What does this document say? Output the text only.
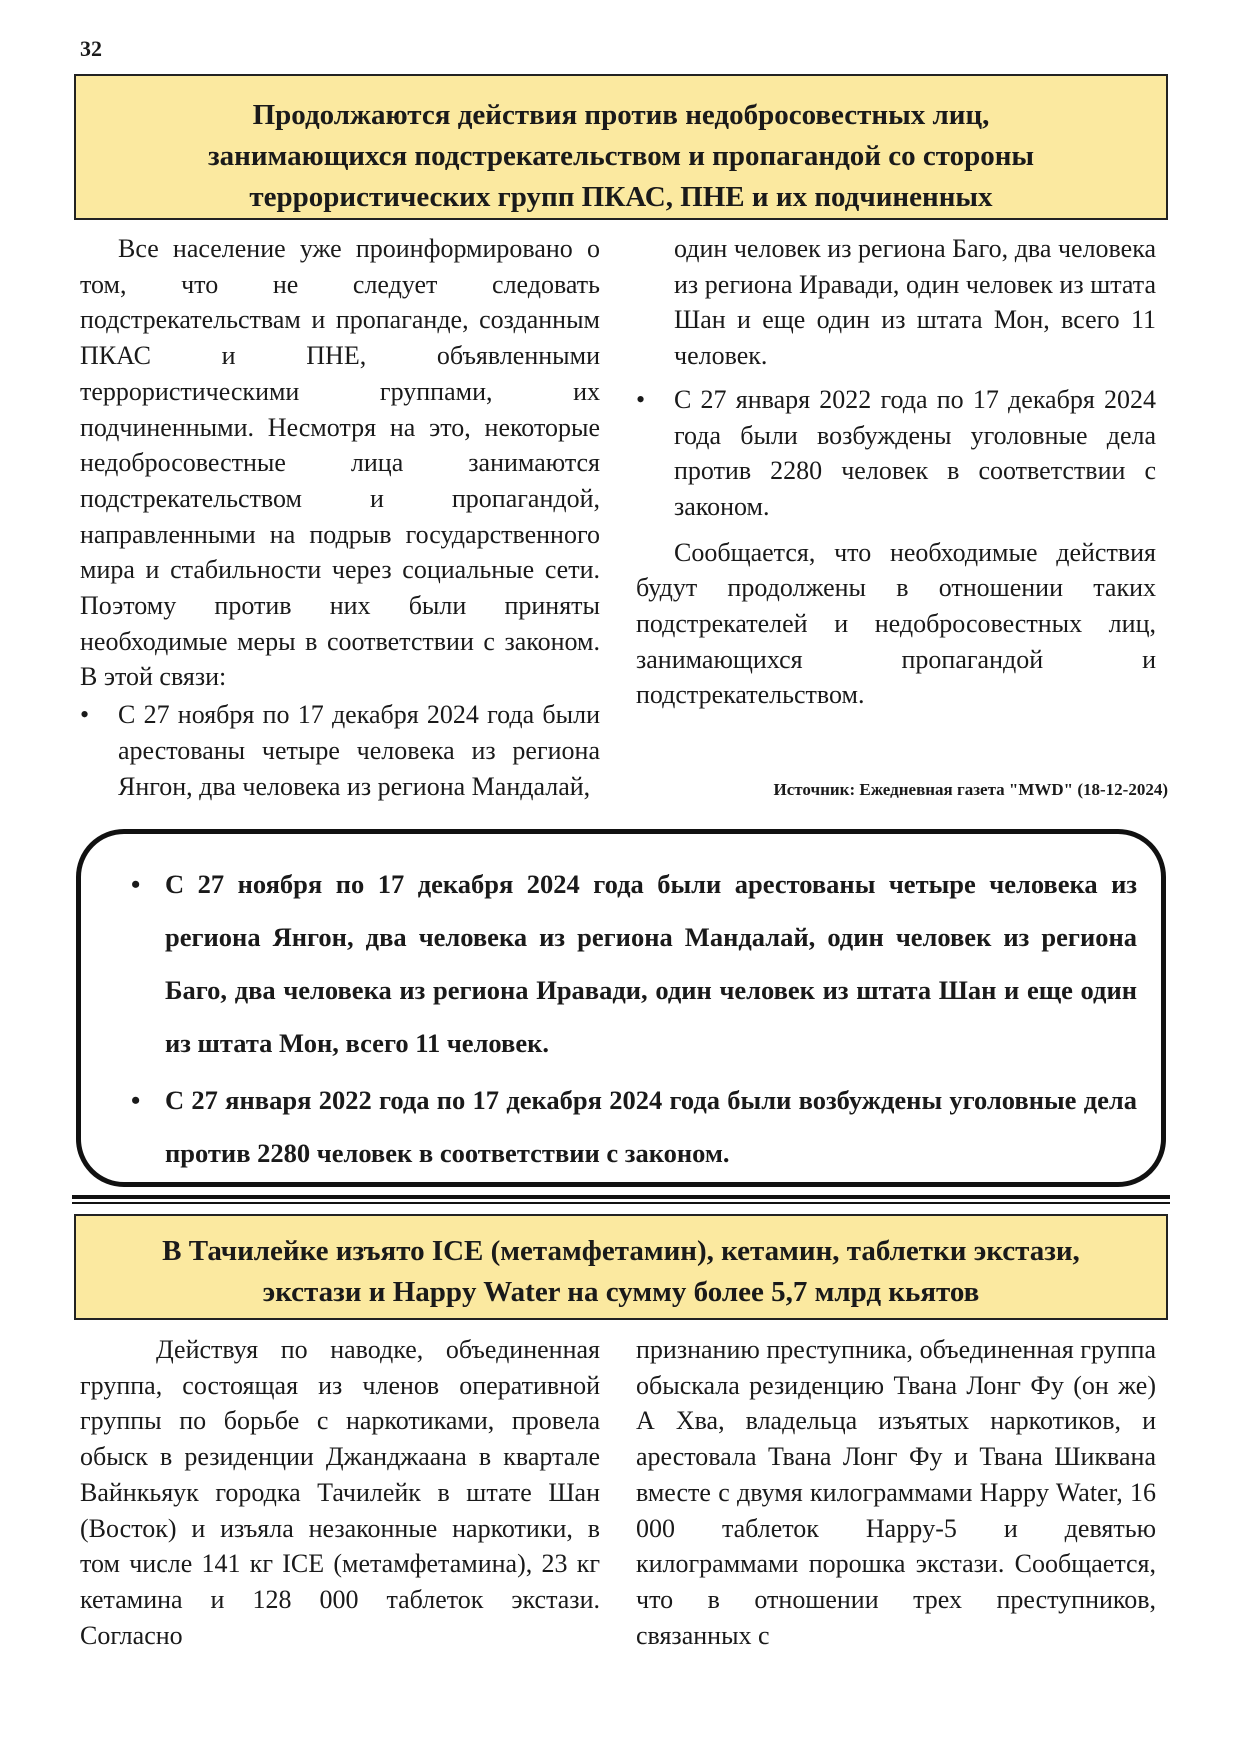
32
Продолжаются действия против недобросовестных лиц, занимающихся подстрекательством и пропагандой со стороны террористических групп ПКАС, ПНЕ и их подчиненных

Все население уже проинформировано о том, что не следует следовать подстрекательствам и пропаганде, созданным ПКАС и ПНЕ, объявленными террористическими группами, их подчиненными. Несмотря на это, некоторые недобросовестные лица занимаются подстрекательством и пропагандой, направленными на подрыв государственного мира и стабильности через социальные сети. Поэтому против них были приняты необходимые меры в соответствии с законом. В этой связи:

• С 27 ноября по 17 декабря 2024 года были арестованы четыре человека из региона Янгон, два человека из региона Мандалай,

один человек из региона Баго, два человека из региона Иравади, один человек из штата Шан и еще один из штата Мон, всего 11 человек.

• С 27 января 2022 года по 17 декабря 2024 года были возбуждены уголовные дела против 2280 человек в соответствии с законом.

Сообщается, что необходимые действия будут продолжены в отношении таких подстрекателей и недобросовестных лиц, занимающихся пропагандой и подстрекательством.

Источник: Ежедневная газета "MWD" (18-12-2024)
• С 27 ноября по 17 декабря 2024 года были арестованы четыре человека из региона Янгон, два человека из региона Мандалай, один человек из региона Баго, два человека из региона Иравади, один человек из штата Шан и еще один из штата Мон, всего 11 человек.
• С 27 января 2022 года по 17 декабря 2024 года были возбуждены уголовные дела против 2280 человек в соответствии с законом.
В Тачилейке изъято ICE (метамфетамин), кетамин, таблетки экстази, экстази и Happy Water на сумму более 5,7 млрд кьятов

Действуя по наводке, объединенная группа, состоящая из членов оперативной группы по борьбе с наркотиками, провела обыск в резиденции Джанджаана в квартале Вайнкьяук городка Тачилейк в штате Шан (Восток) и изъяла незаконные наркотики, в том числе 141 кг ICE (метамфетамина), 23 кг кетамина и 128 000 таблеток экстази. Согласно

признанию преступника, объединенная группа обыскала резиденцию Твана Лонг Фу (он же) А Хва, владельца изъятых наркотиков, и арестовала Твана Лонг Фу и Твана Шиквана вместе с двумя килограммами Happy Water, 16 000 таблеток Happy-5 и девятью килограммами порошка экстази. Сообщается, что в отношении трех преступников, связанных с
